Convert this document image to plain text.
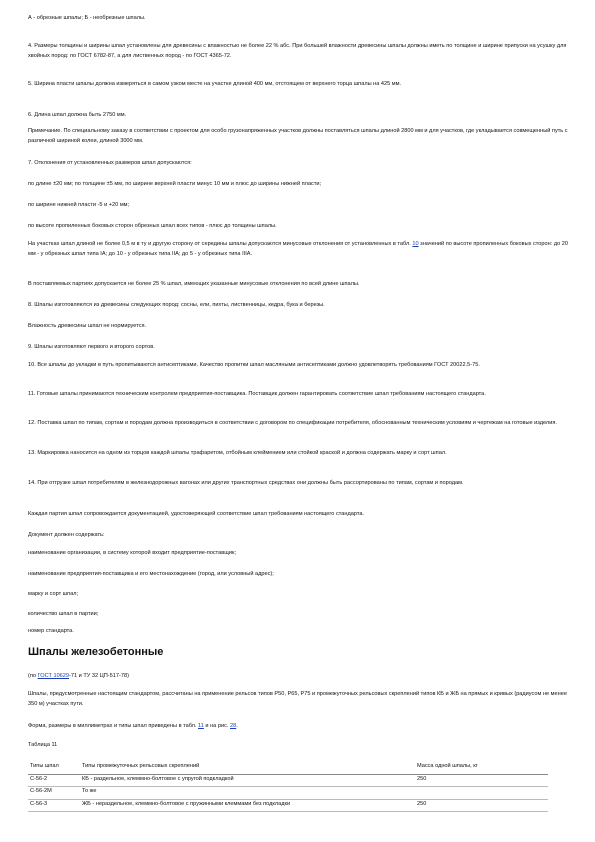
А - обрезные шпалы; Б - необрезные шпалы.

4. Размеры толщины и ширины шпал установлены для древесины с влажностью не более 22 % абс. При большей влажности древесины шпалы должны иметь по толщине и ширине припуски на усушку для хвойных пород: по ГОСТ 6782-87, а для лиственных пород - по ГОСТ 4365-72.

5. Ширина пласти шпалы должна измеряться в самом узком месте на участке длиной 400 мм, отстоящем от верхнего торца шпалы на 425 мм.

6. Длина шпал должна быть 2750 мм.

Примечание. По специальному заказу в соответствии с проектом для особо грузонапряженных участков должны поставляться шпалы длиной 2800 мм и для участков, где укладывается совмещенный путь с различной шириной колеи, длиной 3000 мм.

7. Отклонения от установленных размеров шпал допускаются:

по длине ±20 мм; по толщине ±5 мм, по ширине верхней пласти минус 10 мм и плюс до ширины нижней пласти;

по ширине нижней пласти -5 и +20 мм;

по высоте пропиленных боковых сторон обрезных шпал всех типов - плюс до толщины шпалы.

На участках шпал длиной не более 0,5 м в ту и другую сторону от середины шпалы допускаются минусовые отклонения от установленных в табл. 10 значений по высоте пропиленных боковых сторон: до 20 мм - у обрезных шпал типа IА; до 10 - у обрезных типа IIА; до 5 - у обрезных типа IIIА.

В поставляемых партиях допускается не более 25 % шпал, имеющих указанные минусовые отклонения по всей длине шпалы.

8. Шпалы изготовляются из древесины следующих пород: сосны, ели, пихты, лиственницы, кедра, бука и березы.

Влажность древесины шпал не нормируется.

9. Шпалы изготовляют первого и второго сортов.

10. Все шпалы до укладки в путь пропитываются антисептиками. Качество пропитки шпал масляными антисептиками должно удовлетворять требованиям ГОСТ 20022.5-75.

11. Готовые шпалы принимаются техническим контролем предприятия-поставщика. Поставщик должен гарантировать соответствие шпал требованиям настоящего стандарта.

12. Поставка шпал по типам, сортам и породам должна производиться в соответствии с договором по спецификации потребителя, обоснованным техническим условиям и чертежам на готовые изделия.

13. Маркировка наносится на одном из торцов каждой шпалы трафаретом, отбойным клеймением или стойкой краской и должна содержать марку и сорт шпал.

14. При отгрузке шпал потребителям в железнодорожных вагонах или других транспортных средствах они должны быть рассортированы по типам, сортам и породам.

Каждая партия шпал сопровождается документацией, удостоверяющей соответствие шпал требованиям настоящего стандарта.

Документ должен содержать:

наименование организации, в систему которой входит предприятие-поставщик;

наименование предприятия-поставщика и его местонахождение (город, или условный адрес);

марку и сорт шпал;

количество шпал в партии;

номер стандарта.

Шпалы железобетонные

(по ГОСТ 10629-71 и ТУ 32 ЦП-517-78)

Шпалы, предусмотренные настоящим стандартом, рассчитаны на применение рельсов типов Р50, Р65, Р75 и промежуточных рельсовых скреплений типов КБ и ЖБ на прямых и кривых (радиусом не менее 350 м) участках пути.

Форма, размеры в миллиметрах и типы шпал приведены в табл. 11 и на рис. 28.

Таблица 11

Типы шпал	Типы промежуточных рельсовых скреплений	Масса одной шпалы, кг
С-56-2	КБ - раздельное, клеммно-болтовое с упругой подкладкой	250
С-56-2М	То же	
С-56-3	ЖБ - нераздельное, клеммно-болтовое с пружинными клеммами без подкладки	250
